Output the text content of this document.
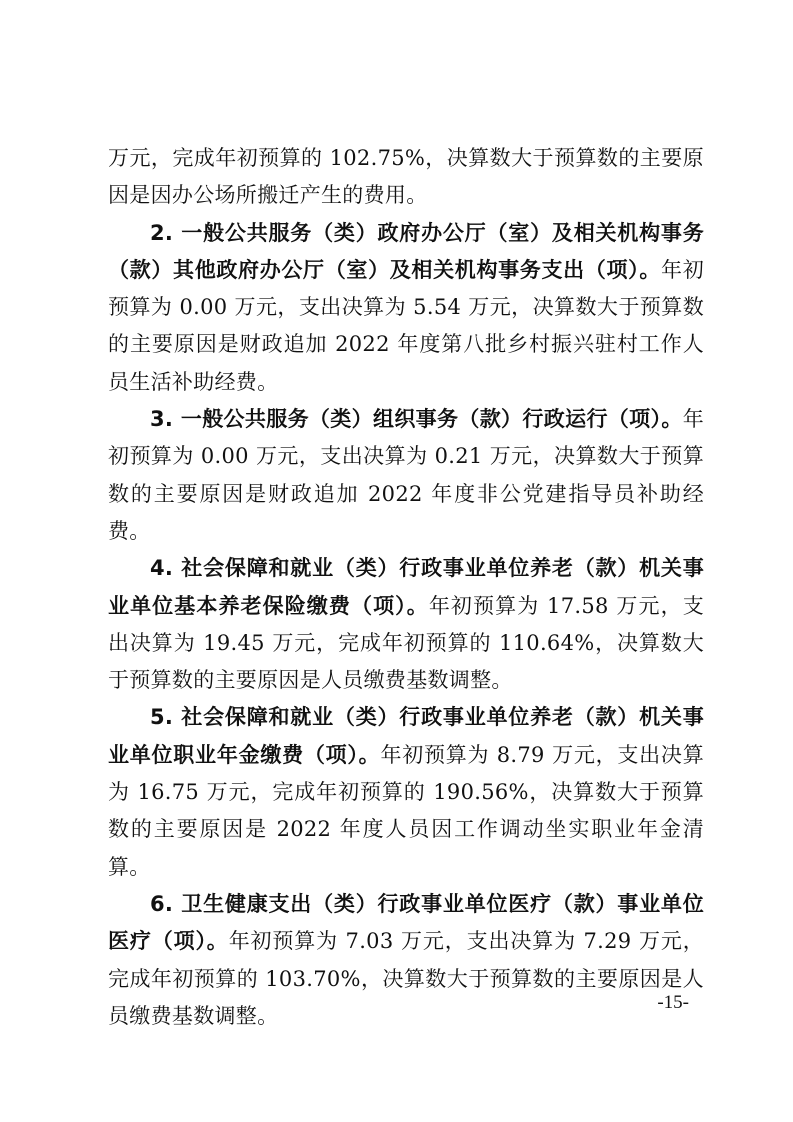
万元，完成年初预算的 102.75%，决算数大于预算数的主要原因是因办公场所搬迁产生的费用。

2. 一般公共服务（类）政府办公厅（室）及相关机构事务（款）其他政府办公厅（室）及相关机构事务支出（项）。年初预算为 0.00 万元，支出决算为 5.54 万元，决算数大于预算数的主要原因是财政追加 2022 年度第八批乡村振兴驻村工作人员生活补助经费。

3. 一般公共服务（类）组织事务（款）行政运行（项）。年初预算为 0.00 万元，支出决算为 0.21 万元，决算数大于预算数的主要原因是财政追加 2022 年度非公党建指导员补助经费。

4. 社会保障和就业（类）行政事业单位养老（款）机关事业单位基本养老保险缴费（项）。年初预算为 17.58 万元，支出决算为 19.45 万元，完成年初预算的 110.64%，决算数大于预算数的主要原因是人员缴费基数调整。

5. 社会保障和就业（类）行政事业单位养老（款）机关事业单位职业年金缴费（项）。年初预算为 8.79 万元，支出决算为 16.75 万元，完成年初预算的 190.56%，决算数大于预算数的主要原因是 2022 年度人员因工作调动坐实职业年金清算。

6. 卫生健康支出（类）行政事业单位医疗（款）事业单位医疗（项）。年初预算为 7.03 万元，支出决算为 7.29 万元，完成年初预算的 103.70%，决算数大于预算数的主要原因是人员缴费基数调整。

-15-
